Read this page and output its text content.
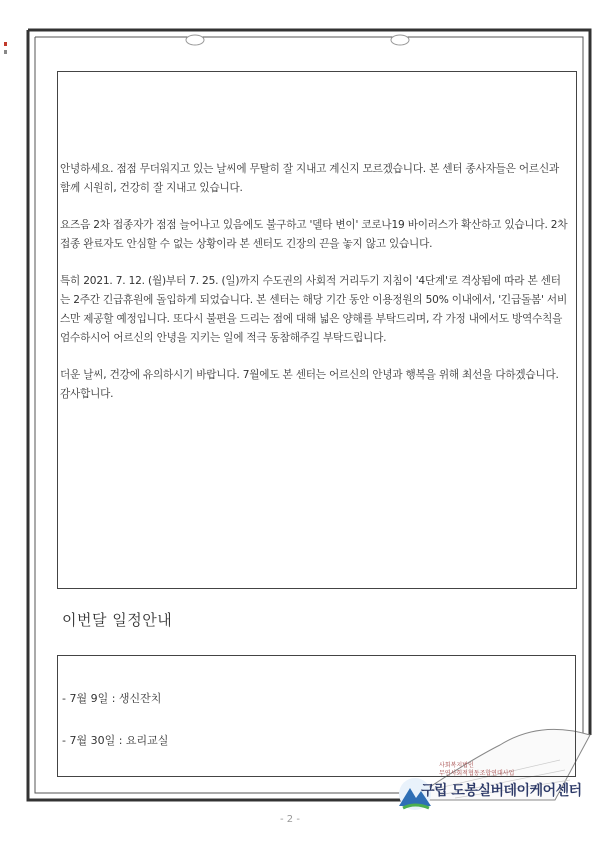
안녕하세요. 점점 무더워지고 있는 날씨에 무탈히 잘 지내고 계신지 모르겠습니다. 본 센터 종사자들은 어르신과 함께 시원히, 건강히 잘 지내고 있습니다.

요즈음 2차 접종자가 점점 늘어나고 있음에도 불구하고 '델타 변이' 코로나19 바이러스가 확산하고 있습니다. 2차 접종 완료자도 안심할 수 없는 상황이라 본 센터도 긴장의 끈을 놓지 않고 있습니다.

특히 2021. 7. 12. (월)부터 7. 25. (일)까지 수도권의 사회적 거리두기 지침이 '4단계'로 격상됨에 따라 본 센터는 2주간 긴급휴원에 돌입하게 되었습니다. 본 센터는 해당 기간 동안 이용정원의 50% 이내에서, '긴급돌봄' 서비스만 제공할 예정입니다. 또다시 불편을 드리는 점에 대해 넓은 양해를 부탁드리며, 각 가정 내에서도 방역수칙을 엄수하시어 어르신의 안녕을 지키는 일에 적극 동참해주길 부탁드립니다.

더운 날씨, 건강에 유의하시기 바랍니다. 7월에도 본 센터는 어르신의 안녕과 행복을 위해 최선을 다하겠습니다. 감사합니다.

이번달 일정안내
- 7월 9일 : 생신잔치
- 7월 30일 : 요리교실
사회복지법인
무연사회적협동조합연대사업
구립 도봉실버데이케어센터
- 2 -
